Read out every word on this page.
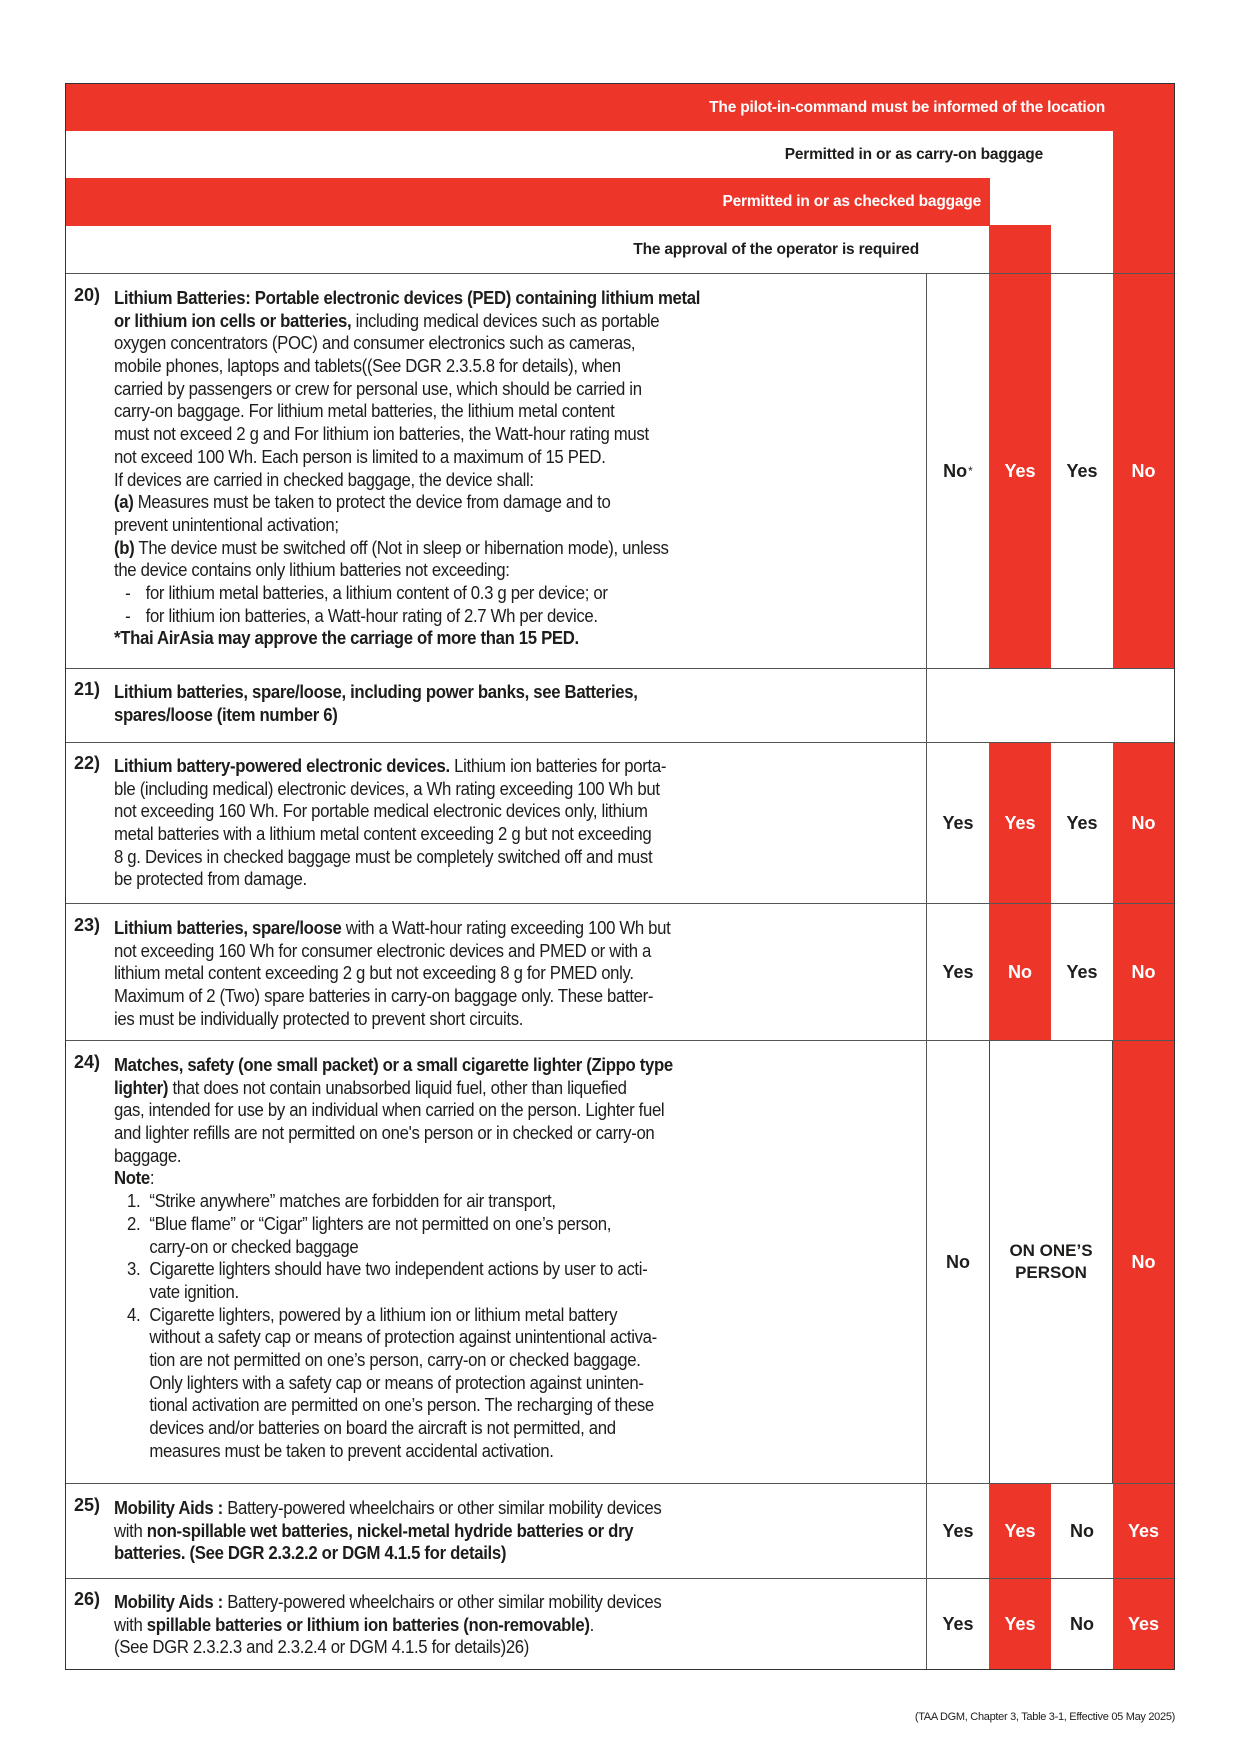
The pilot-in-command must be informed of the location
Permitted in or as carry-on baggage
Permitted in or as checked baggage
The approval of the operator is required
20) Lithium Batteries: Portable electronic devices (PED) containing lithium metal
or lithium ion cells or batteries, including medical devices such as portable
oxygen concentrators (POC) and consumer electronics such as cameras,
mobile phones, laptops and tablets((See DGR 2.3.5.8 for details), when
carried by passengers or crew for personal use, which should be carried in
carry-on baggage. For lithium metal batteries, the lithium metal content
must not exceed 2 g and For lithium ion batteries, the Watt-hour rating must
not exceed 100 Wh. Each person is limited to a maximum of 15 PED.
If devices are carried in checked baggage, the device shall:
(a) Measures must be taken to protect the device from damage and to
prevent unintentional activation;
(b) The device must be switched off (Not in sleep or hibernation mode), unless
the device contains only lithium batteries not exceeding:
- for lithium metal batteries, a lithium content of 0.3 g per device; or
- for lithium ion batteries, a Watt-hour rating of 2.7 Wh per device.
*Thai AirAsia may approve the carriage of more than 15 PED.
No * Yes Yes No
21) Lithium batteries, spare/loose, including power banks, see Batteries,
spares/loose (item number 6)
22) Lithium battery-powered electronic devices. Lithium ion batteries for porta-
ble (including medical) electronic devices, a Wh rating exceeding 100 Wh but
not exceeding 160 Wh. For portable medical electronic devices only, lithium
metal batteries with a lithium metal content exceeding 2 g but not exceeding
8 g. Devices in checked baggage must be completely switched off and must
be protected from damage.
Yes Yes Yes No
23) Lithium batteries, spare/loose with a Watt-hour rating exceeding 100 Wh but
not exceeding 160 Wh for consumer electronic devices and PMED or with a
lithium metal content exceeding 2 g but not exceeding 8 g for PMED only.
Maximum of 2 (Two) spare batteries in carry-on baggage only. These batter-
ies must be individually protected to prevent short circuits.
Yes No Yes No
24) Matches, safety (one small packet) or a small cigarette lighter (Zippo type
lighter) that does not contain unabsorbed liquid fuel, other than liquefied
gas, intended for use by an individual when carried on the person. Lighter fuel
and lighter refills are not permitted on one's person or in checked or carry-on
baggage.
Note:
1. “Strike anywhere” matches are forbidden for air transport,
2. “Blue flame” or “Cigar” lighters are not permitted on one’s person,
carry-on or checked baggage
3. Cigarette lighters should have two independent actions by user to acti-
vate ignition.
4. Cigarette lighters, powered by a lithium ion or lithium metal battery
without a safety cap or means of protection against unintentional activa-
tion are not permitted on one’s person, carry-on or checked baggage.
Only lighters with a safety cap or means of protection against uninten-
tional activation are permitted on one’s person. The recharging of these
devices and/or batteries on board the aircraft is not permitted, and
measures must be taken to prevent accidental activation.
No
ON ONE’S PERSON
No
25) Mobility Aids : Battery-powered wheelchairs or other similar mobility devices
with non-spillable wet batteries, nickel-metal hydride batteries or dry
batteries. (See DGR 2.3.2.2 or DGM 4.1.5 for details)
Yes Yes No Yes
26) Mobility Aids : Battery-powered wheelchairs or other similar mobility devices
with spillable batteries or lithium ion batteries (non-removable).
(See DGR 2.3.2.3 and 2.3.2.4 or DGM 4.1.5 for details)26)
Yes Yes No Yes
(TAA DGM, Chapter 3, Table 3-1, Effective 05 May 2025)
